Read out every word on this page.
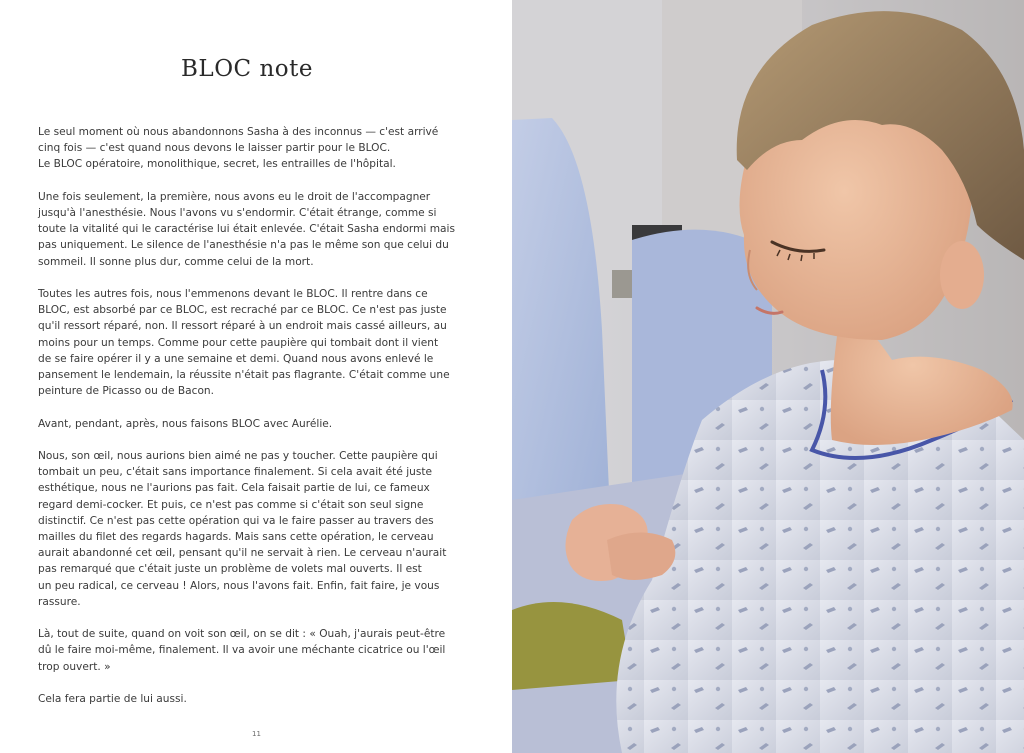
BLOC note

Le seul moment où nous abandonnons Sasha à des inconnus — c'est arrivé
cinq fois — c'est quand nous devons le laisser partir pour le BLOC.
Le BLOC opératoire, monolithique, secret, les entrailles de l'hôpital.

Une fois seulement, la première, nous avons eu le droit de l'accompagner
jusqu'à l'anesthésie. Nous l'avons vu s'endormir. C'était étrange, comme si
toute la vitalité qui le caractérise lui était enlevée. C'était Sasha endormi mais
pas uniquement. Le silence de l'anesthésie n'a pas le même son que celui du
sommeil. Il sonne plus dur, comme celui de la mort.

Toutes les autres fois, nous l'emmenons devant le BLOC. Il rentre dans ce
BLOC, est absorbé par ce BLOC, est recraché par ce BLOC. Ce n'est pas juste
qu'il ressort réparé, non. Il ressort réparé à un endroit mais cassé ailleurs, au
moins pour un temps. Comme pour cette paupière qui tombait dont il vient
de se faire opérer il y a une semaine et demi. Quand nous avons enlevé le
pansement le lendemain, la réussite n'était pas flagrante. C'était comme une
peinture de Picasso ou de Bacon.

Avant, pendant, après, nous faisons BLOC avec Aurélie.

Nous, son œil, nous aurions bien aimé ne pas y toucher. Cette paupière qui
tombait un peu, c'était sans importance finalement. Si cela avait été juste
esthétique, nous ne l'aurions pas fait. Cela faisait partie de lui, ce fameux
regard demi-cocker. Et puis, ce n'est pas comme si c'était son seul signe
distinctif. Ce n'est pas cette opération qui va le faire passer au travers des
mailles du filet des regards hagards. Mais sans cette opération, le cerveau
aurait abandonné cet œil, pensant qu'il ne servait à rien. Le cerveau n'aurait
pas remarqué que c'était juste un problème de volets mal ouverts. Il est
un peu radical, ce cerveau ! Alors, nous l'avons fait. Enfin, fait faire, je vous
rassure.

Là, tout de suite, quand on voit son œil, on se dit : « Ouah, j'aurais peut-être
dû le faire moi-même, finalement. Il va avoir une méchante cicatrice ou l'œil
trop ouvert. »

Cela fera partie de lui aussi.

11
